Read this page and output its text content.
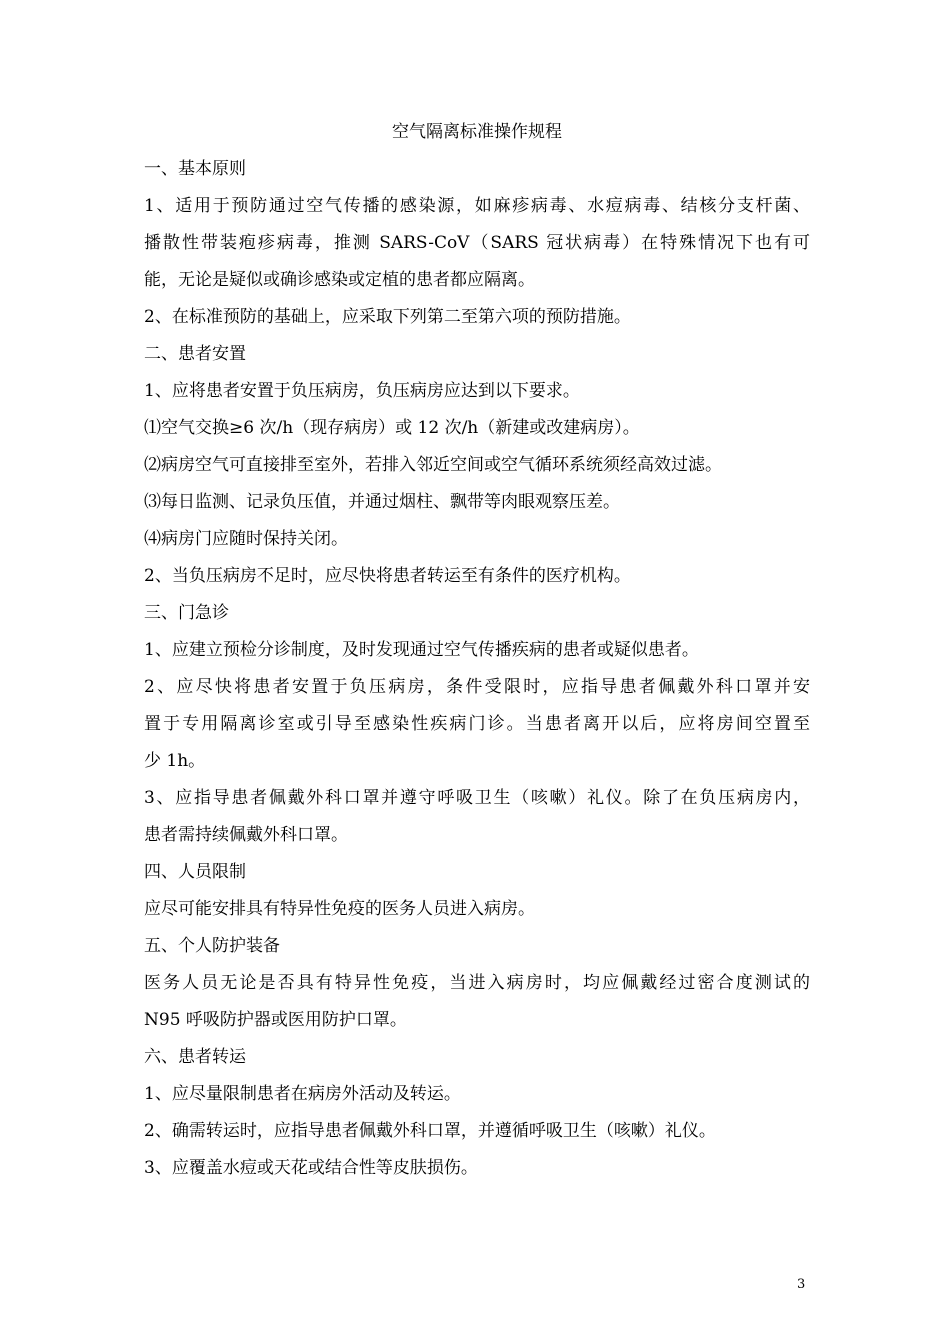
空气隔离标准操作规程

一、基本原则

1、适用于预防通过空气传播的感染源，如麻疹病毒、水痘病毒、结核分支杆菌、

播散性带装疱疹病毒，推测 SARS-CoV（SARS 冠状病毒）在特殊情况下也有可

能，无论是疑似或确诊感染或定植的患者都应隔离。

2、在标准预防的基础上，应采取下列第二至第六项的预防措施。

二、患者安置

1、应将患者安置于负压病房，负压病房应达到以下要求。

⑴空气交换≥6 次/h（现存病房）或 12 次/h（新建或改建病房）。

⑵病房空气可直接排至室外，若排入邻近空间或空气循环系统须经高效过滤。

⑶每日监测、记录负压值，并通过烟柱、飘带等肉眼观察压差。

⑷病房门应随时保持关闭。

2、当负压病房不足时，应尽快将患者转运至有条件的医疗机构。

三、门急诊

1、应建立预检分诊制度，及时发现通过空气传播疾病的患者或疑似患者。

2、应尽快将患者安置于负压病房，条件受限时，应指导患者佩戴外科口罩并安

置于专用隔离诊室或引导至感染性疾病门诊。当患者离开以后，应将房间空置至

少 1h。

3、应指导患者佩戴外科口罩并遵守呼吸卫生（咳嗽）礼仪。除了在负压病房内，

患者需持续佩戴外科口罩。

四、人员限制

应尽可能安排具有特异性免疫的医务人员进入病房。

五、个人防护装备

医务人员无论是否具有特异性免疫，当进入病房时，均应佩戴经过密合度测试的

N95 呼吸防护器或医用防护口罩。

六、患者转运

1、应尽量限制患者在病房外活动及转运。

2、确需转运时，应指导患者佩戴外科口罩，并遵循呼吸卫生（咳嗽）礼仪。

3、应覆盖水痘或天花或结合性等皮肤损伤。

3
